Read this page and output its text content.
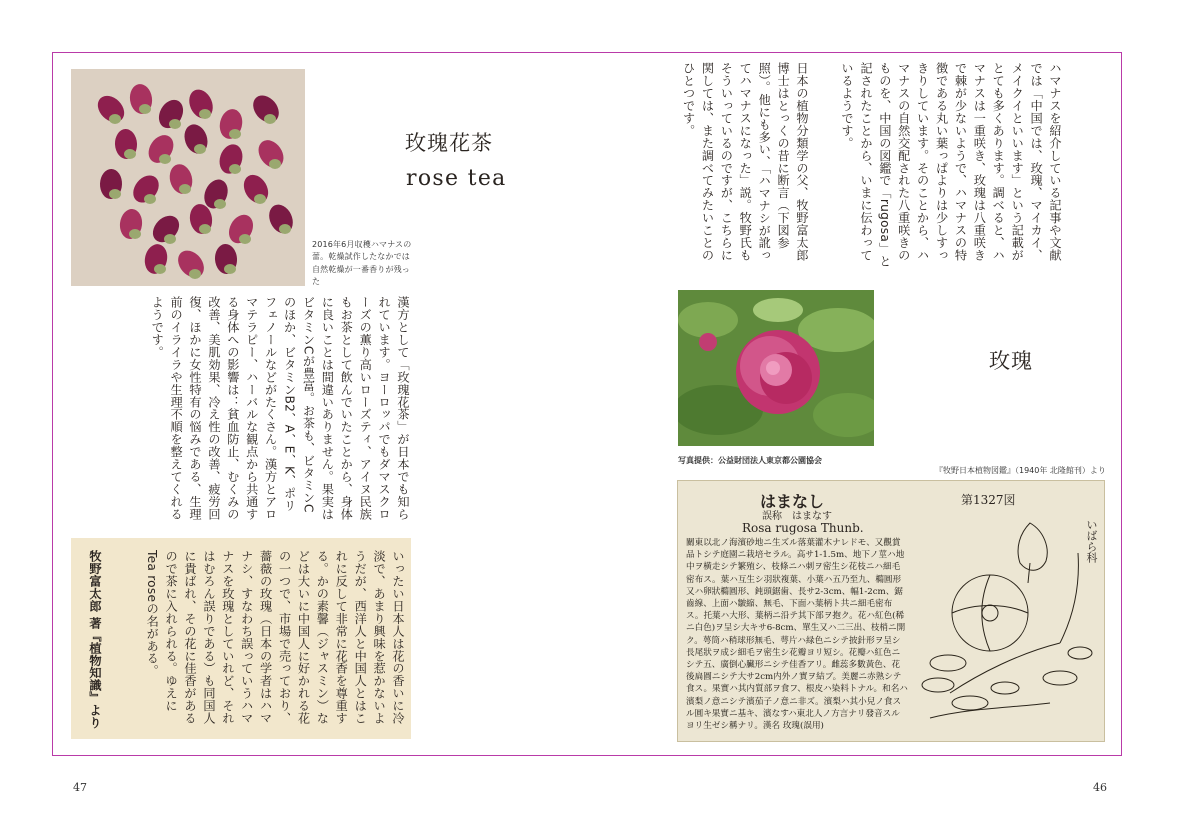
2016年6月収穫ハマナスの蕾。乾燥試作したなかでは自然乾燥が一番香りが残った
玫瑰花茶
rose tea
漢方として「玫瑰花茶」が日本でも知られています。ヨーロッパでもダマスクローズの薫り高いローズティ、アイヌ民族もお茶として飲んでいたことから、身体に良いことは間違いありません。果実はビタミンCが豊富。お茶も、ビタミンCのほか、ビタミンB2、A、E、K、ポリフェノールなどがたくさん。漢方とアロマテラピー、ハーバルな観点から共通する身体への影響は：貧血防止、むくみの改善、美肌効果、冷え性の改善、疲労回復、ほかに女性特有の悩みである、生理前のイライラや生理不順を整えてくれるようです。
いったい日本人は花の香いに冷淡で、あまり興味を惹かないようだが、西洋人と中国人とはこれに反して非常に花香を尊重する。かの素馨（ジャスミン）などは大いに中国人に好かれる花の一つで、市場で売っており、薔薇の玫瑰（日本の学者はハマナシ、すなわち誤っていうハマナスを玫瑰としていれど、それはむろん誤りである）も同国人に貴ばれ、その花に佳香があるので茶に入れられる。ゆえにTea roseの名がある。
牧野富太郎 著『植物知識』より
47
ハマナスを紹介している記事や文献では「中国では、玫瑰、マイカイ、メイクイといいます」という記載がとても多くあります。調べると、ハマナスは一重咲き、玫瑰は八重咲きで棘が少ないようで、ハマナスの特徴である丸い葉っぱよりは少しすっきりしています。そのことから、ハマナスの自然交配された八重咲きのものを、中国の図鑑で「rugosa」と記されたことから、いまに伝わっているようです。
日本の植物分類学の父、牧野富太郎博士はとっくの昔に断言（下図参照）。他にも多い、「ハマナシが訛ってハマナスになった」説。牧野氏もそういっているのですが、こちらに関しては、また調べてみたいことのひとつです。
写真提供：公益財団法人東京都公園協会
玫瑰
『牧野日本植物図鑑』（1940年 北隆館刊）より
はまなし	第1327図
誤称　はまなす
Rosa rugosa Thunb.
關東以北ノ海濱砂地ニ生ズル落葉灌木ナレドモ、又觀賞品トシテ庭園ニ栽培セラル。高サ1-1.5m、地下ノ莖ハ地中ヲ横走シテ繁殖シ、枝條ニハ刺ヲ密生シ花枝ニハ細毛密布ス。葉ハ互生シ羽狀複葉、小葉ハ五乃至九、橢圓形又ハ卵狀橢圓形、鈍頭鋸歯、長サ2-3cm、幅1-2cm、鋸齒線、上面ハ皺縮、無毛、下面ハ葉柄ト共ニ細毛密布ス。托葉ハ大形、葉柄ニ沿テ其下部ヲ抱ク。花ハ紅色(稀ニ白色)ヲ呈シ大キサ6-8cm、單生又ハ二三出、枝梢ニ開ク。萼筒ハ稍球形無毛、萼片ハ緑色ニシテ披針形ヲ呈シ長尾狀ヲ成シ細毛ヲ密生シ花瓣ヨリ短シ。花瓣ハ紅色ニシテ五、廣倒心臟形ニシテ佳香アリ。雌蕊多數黃色、花後扁圓ニシテ大サ2cm内外ノ實ヲ結ブ。美麗ニ赤熟シテ食ス。果實ハ其内質部ヲ食フ、根皮ハ染料トナル。和名ハ濱梨ノ意ニシテ濱茄子ノ意ニ非ズ。濱梨ハ其小兒ノ食スル圓キ果實ニ基キ、濱なすハ東北人ノ方言ナリ發音スルヨリ生ゼシ稱ナリ。漢名 玫瑰(誤用)
いばら科
46
